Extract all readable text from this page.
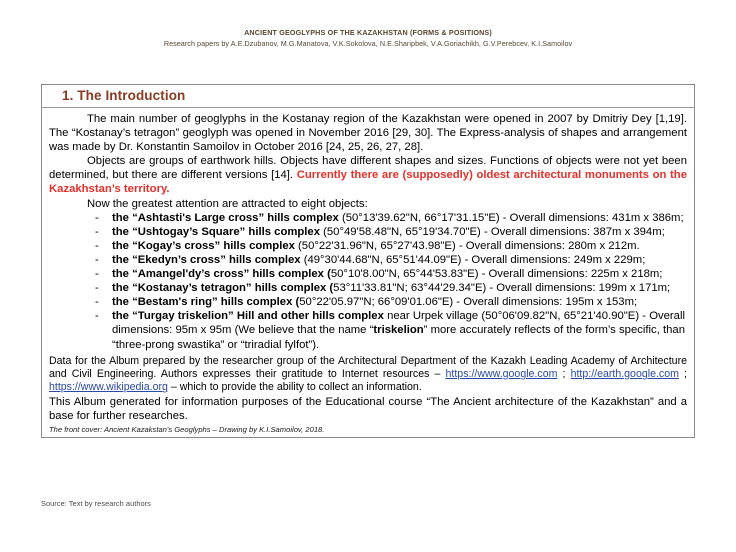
ANCIENT GEOGLYPHS OF THE KAZAKHSTAN (FORMS & POSITIONS)
Research papers by A.E.Dzubanov, M.G.Manatova, V.K.Sokolova, N.E.Sharipbek, V.A.Goriachikh, G.V.Perebcev, K.I.Samoilov
1. The Introduction

The main number of geoglyphs in the Kostanay region of the Kazakhstan were opened in 2007 by Dmitriy Dey [1,19]. The “Kostanay’s tetragon” geoglyph was opened in November 2016 [29, 30]. The Express-analysis of shapes and arrangement was made by Dr. Konstantin Samoilov in October 2016 [24, 25, 26, 27, 28].

Objects are groups of earthwork hills. Objects have different shapes and sizes. Functions of objects were not yet been determined, but there are different versions [14]. Currently there are (supposedly) oldest architectural monuments on the Kazakhstan’s territory.

Now the greatest attention are attracted to eight objects:

- the “Ashtasti's Large cross” hills complex (50°13'39.62"N, 66°17'31.15"E) - Overall dimensions: 431m x 386m;
- the “Ushtogay’s Square” hills complex (50°49'58.48"N, 65°19'34.70"E) - Overall dimensions: 387m x 394m;
- the “Kogay’s cross” hills complex (50°22'31.96"N, 65°27'43.98"E) - Overall dimensions: 280m x 212m.
- the “Ekedyn’s cross” hills complex (49°30'44.68"N, 65°51'44.09"E) - Overall dimensions: 249m x 229m;
- the “Amangel'dy’s cross” hills complex (50°10'8.00"N, 65°44'53.83"E) - Overall dimensions: 225m x 218m;
- the “Kostanay’s tetragon” hills complex (53°11'33.81"N; 63°44'29.34"E) - Overall dimensions: 199m x 171m;
- the “Bestam's ring” hills complex (50°22'05.97"N; 66°09'01.06"E) - Overall dimensions: 195m x 153m;
- the “Turgay triskelion” Hill and other hills complex near Urpek village (50°06'09.82"N, 65°21'40.90"E) - Overall dimensions: 95m x 95m (We believe that the name “triskelion” more accurately reflects of the form’s specific, than “three-prong swastika” or “triradial fylfot”).

Data for the Album prepared by the researcher group of the Architectural Department of the Kazakh Leading Academy of Architecture and Civil Engineering. Authors expresses their gratitude to Internet resources – https://www.google.com ; http://earth.google.com ; https://www.wikipedia.org – which to provide the ability to collect an information.

This Album generated for information purposes of the Educational course “The Ancient architecture of the Kazakhstan” and a base for further researches.

The front cover: Ancient Kazakstan's Geoglyphs – Drawing by K.I.Samoilov, 2018.

Source: Text by research authors
